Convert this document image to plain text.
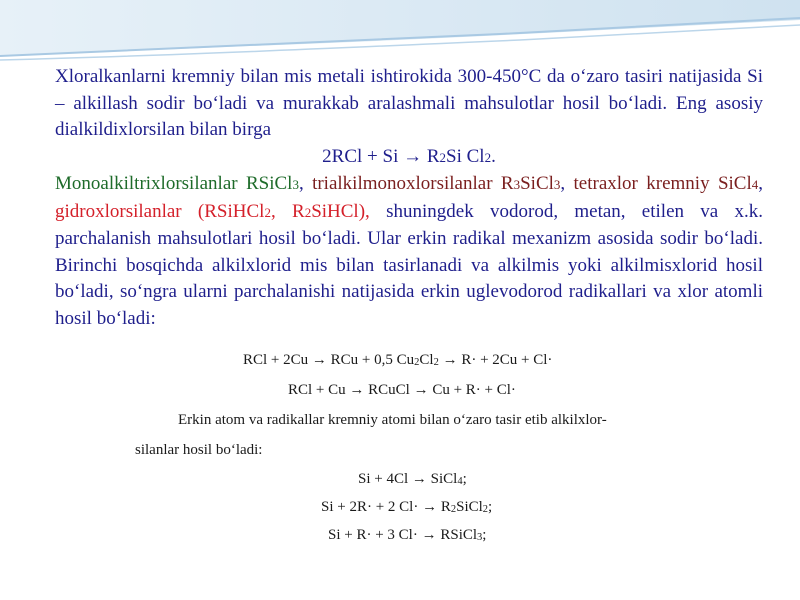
Xloralkanlarni kremniy bilan mis metali ishtirokida 300-450°C da o‘zaro tasiri natijasida Si – alkillash sodir bo‘ladi va murakkab aralashmali mahsulotlar hosil bo‘ladi. Eng asosiy dialkildixlorsilan bilan birga

2RCl + Si → R2Si Cl2.

Monoalkiltrixlorsilanlar RSiCl3, trialkilmonoxlorsilanlar R3SiCl3, tetraxlor kremniy SiCl4, gidroxlorsilanlar (RSiHCl2, R2SiHCl), shuningdek vodorod, metan, etilen va x.k. parchalanish mahsulotlari hosil bo‘ladi. Ular erkin radikal mexanizm asosida sodir bo‘ladi. Birinchi bosqichda alkilxlorid mis bilan tasirlanadi va alkilmis yoki alkilmisxlorid hosil bo‘ladi, so‘ngra ularni parchalanishi natijasida erkin uglevodorod radikallari va xlor atomli hosil bo‘ladi:

RCl + 2Cu → RCu + 0,5 Cu2Cl2 → R· + 2Cu + Cl·
RCl + Cu → RCuCl → Cu + R· + Cl·
Erkin atom va radikallar kremniy atomi bilan o‘zaro tasir etib alkilxlor-
silanlar hosil bo‘ladi:
Si + 4Cl → SiCl4;
Si + 2R· + 2 Cl· → R2SiCl2;
Si + R· + 3 Cl· → RSiCl3;
